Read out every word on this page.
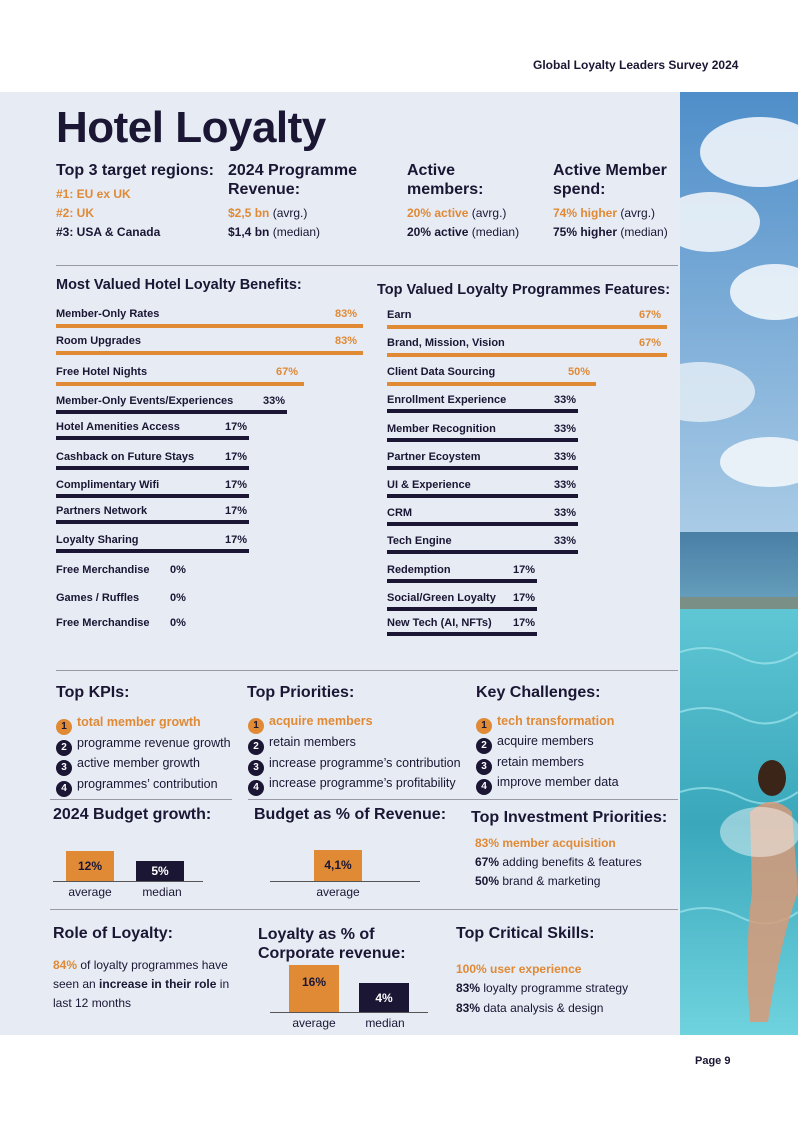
Global Loyalty Leaders Survey 2024
Hotel Loyalty
Top 3 target regions:
#1: EU ex UK
#2: UK
#3: USA & Canada
2024 Programme Revenue:
$2,5 bn (avrg.)
$1,4 bn (median)
Active members:
20% active (avrg.)
20% active (median)
Active Member spend:
74% higher (avrg.)
75% higher (median)
Most Valued Hotel Loyalty Benefits:
Member-Only Rates	83%
Room Upgrades	83%
Free Hotel Nights	67%
Member-Only Events/Experiences	33%
Hotel Amenities Access	17%
Cashback on Future Stays	17%
Complimentary Wifi	17%
Partners Network	17%
Loyalty Sharing	17%
Free Merchandise 0%
Games / Ruffles	0%
Free Merchandise 0%
Top Valued Loyalty Programmes Features:
Earn	67%
Brand, Mission, Vision	67%
Client Data Sourcing	50%
Enrollment Experience	33%
Member Recognition	33%
Partner Ecoystem	33%
UI & Experience	33%
CRM	33%
Tech Engine	33%
Redemption	17%
Social/Green Loyalty 17%
New Tech (AI, NFTs) 17%
Top KPIs:	Top Priorities:	Key Challenges:
1 total member growth
2 programme revenue growth
3 active member growth
4 programmes’ contribution
1 acquire members
2 retain members
3 increase programme’s contribution
4 increase programme’s profitability
1 tech transformation
2 acquire members
3 retain members
4 improve member data
2024 Budget growth:
12%	5%
average	median
Budget as % of Revenue:
4,1%
average
Top Investment Priorities:
83% member acquisition
67% adding benefits & features
50% brand & marketing
Role of Loyalty:
84% of loyalty programmes have seen an increase in their role in last 12 months
Loyalty as % of Corporate revenue:
16%
4%
average	median
Top Critical Skills:
100% user experience
83% loyalty programme strategy
83% data analysis & design
Page 9
